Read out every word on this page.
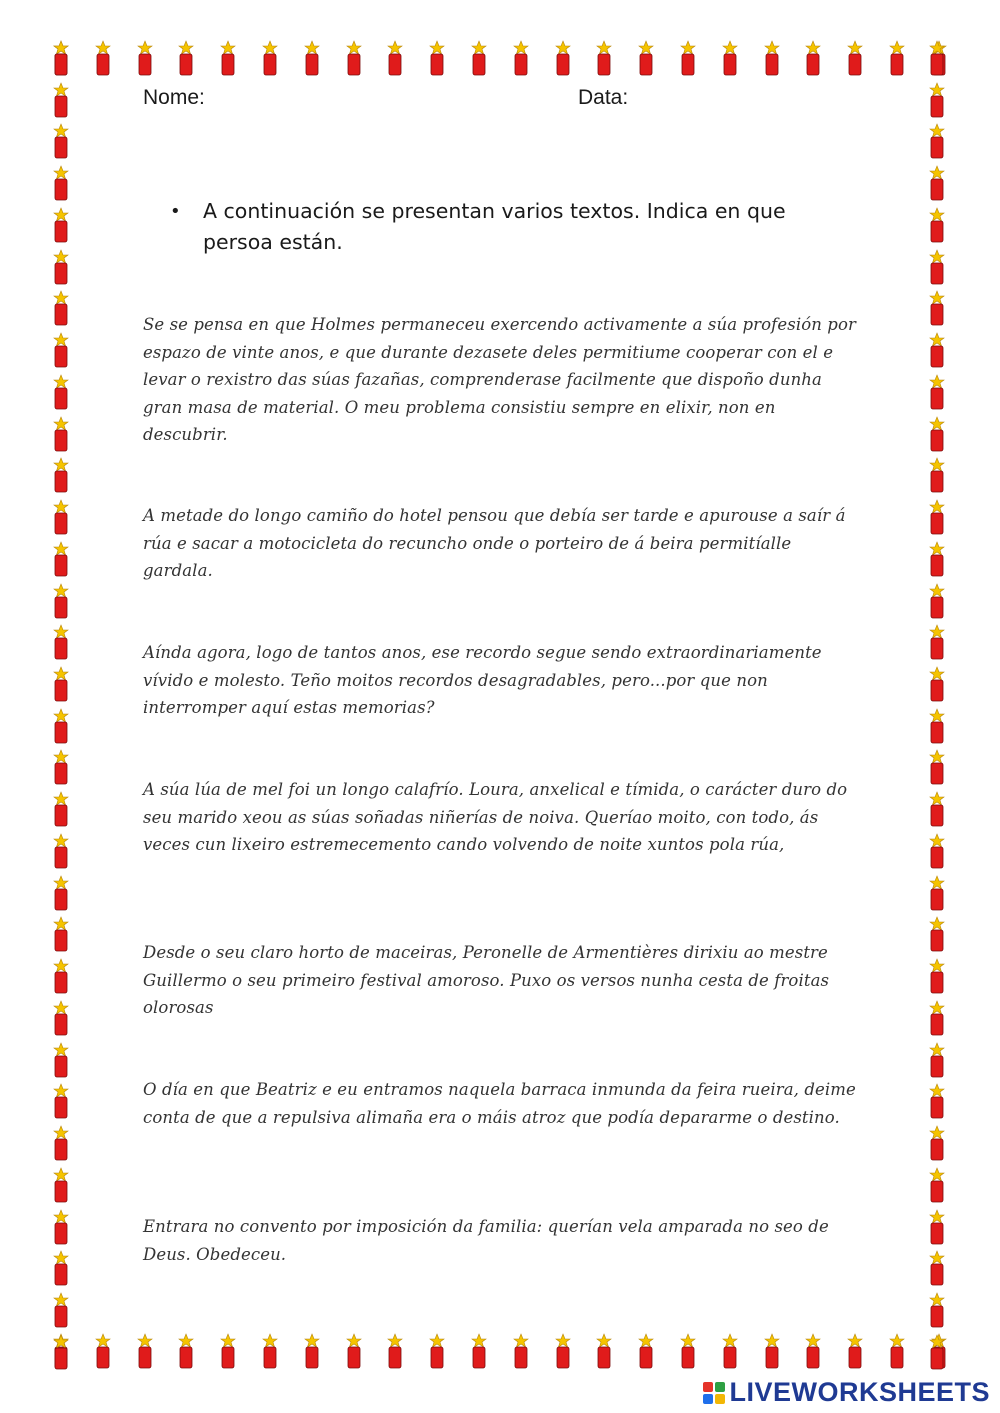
Nome:	Data:
•	A continuación se presentan varios textos. Indica en que persoa están.
Se se pensa en que Holmes permaneceu exercendo activamente a súa profesión por espazo de vinte anos, e que durante dezasete deles permitiume cooperar con el e levar o rexistro das súas fazañas, comprenderase facilmente que dispoño dunha gran masa de material. O meu problema consistiu sempre en elixir, non en descubrir.
A metade do longo camiño do hotel pensou que debía ser tarde e apurouse a saír á rúa e sacar a motocicleta do recuncho onde o porteiro de á beira permitíalle gardala.
Aínda agora, logo de tantos anos, ese recordo segue sendo extraordinariamente vívido e molesto. Teño moitos recordos desagradables, pero...por que non interromper aquí estas memorias?
A súa lúa de mel foi un longo calafrío. Loura, anxelical e tímida, o carácter duro do seu marido xeou as súas soñadas niñerías de noiva. Queríao moito, con todo, ás veces cun lixeiro estremecemento cando volvendo de noite xuntos pola rúa,
Desde o seu claro horto de maceiras, Peronelle de Armentières dirixiu ao mestre Guillermo o seu primeiro festival amoroso. Puxo os versos nunha cesta de froitas olorosas
O día en que Beatriz e eu entramos naquela barraca inmunda da feira rueira, deime conta de que a repulsiva alimaña era o máis atroz que podía depararme o destino.
Entrara no convento por imposición da familia: querían vela amparada no seo de Deus. Obedeceu.
LIVEWORKSHEETS
